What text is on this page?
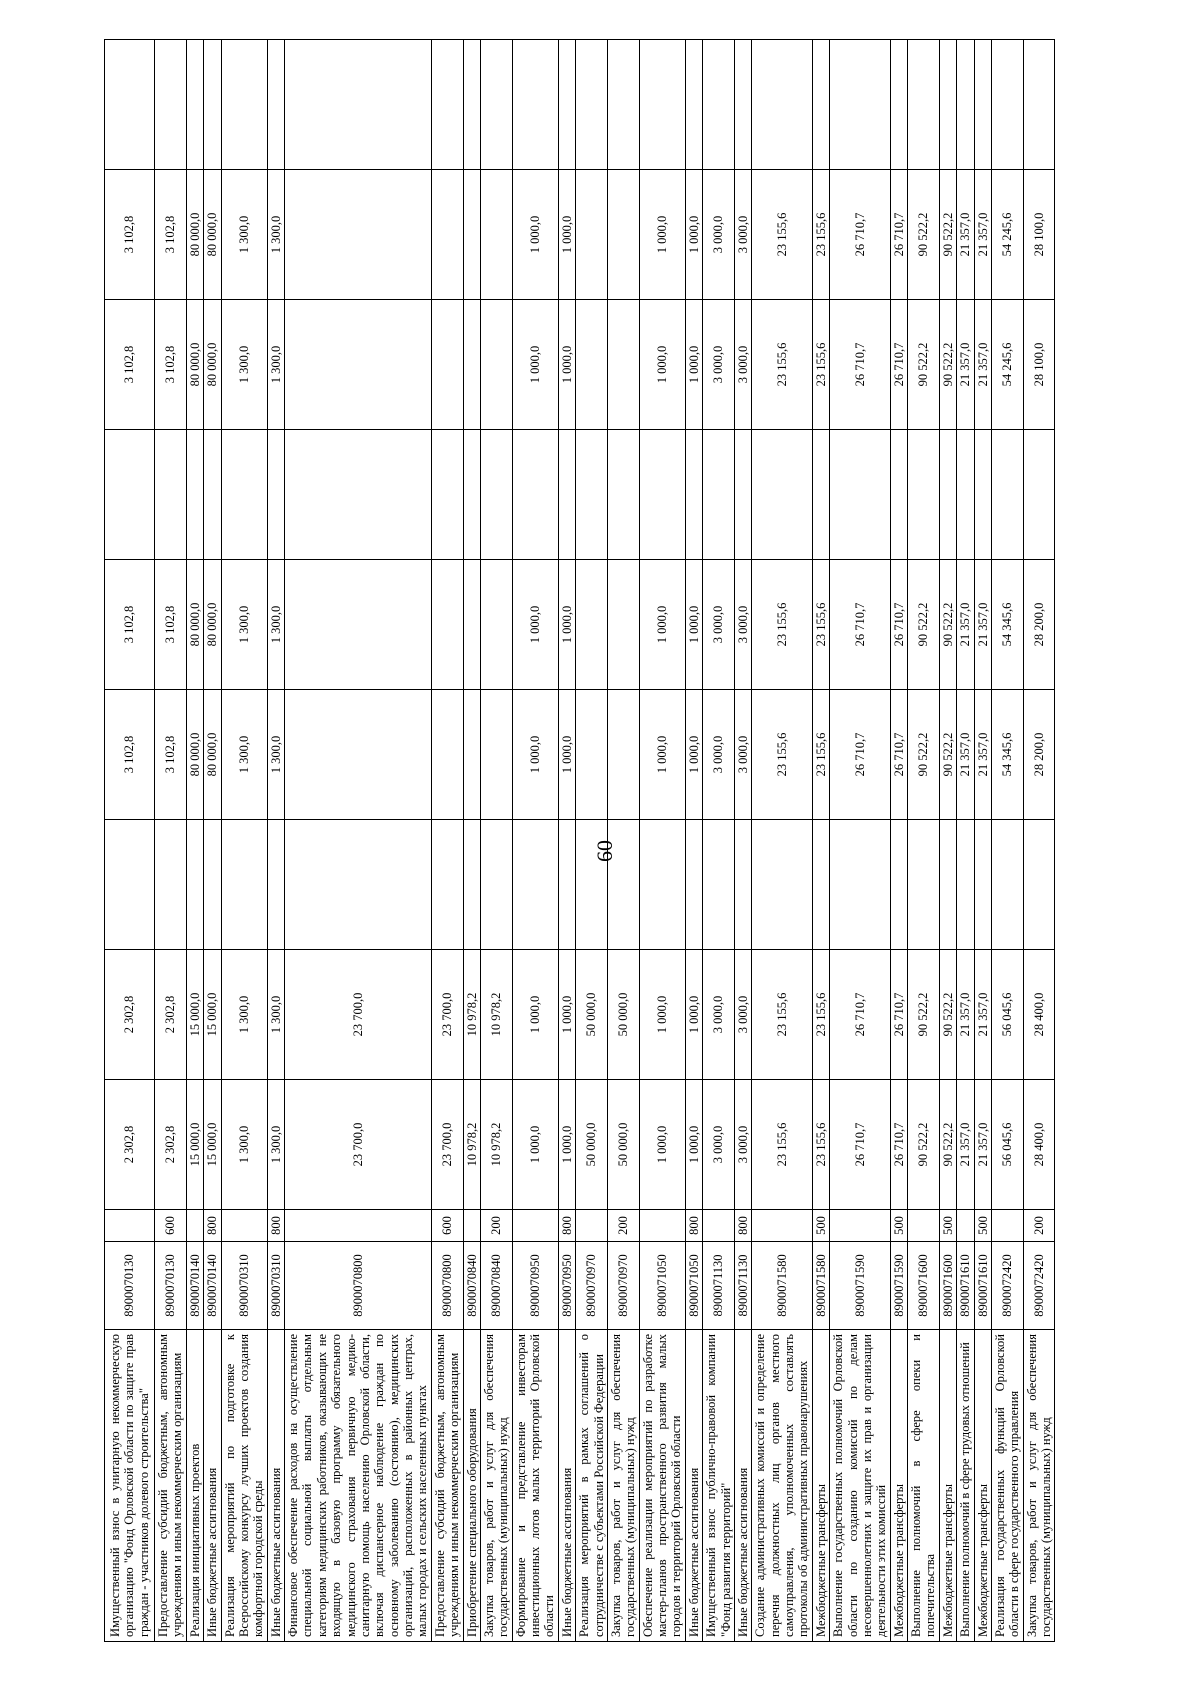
60
Имущественный взнос в унитарную некоммерческую организацию "Фонд Орловской области по защите прав граждан - участников долевого строительства"	8900070130		2 302,8	2 302,8		3 102,8	3 102,8		3 102,8	3 102,8	
Предоставление субсидий бюджетным, автономным учреждениям и иным некоммерческим организациям	8900070130	600	2 302,8	2 302,8		3 102,8	3 102,8		3 102,8	3 102,8	
Реализация инициативных проектов	8900070140		15 000,0	15 000,0		80 000,0	80 000,0		80 000,0	80 000,0	
Иные бюджетные ассигнования	8900070140	800	15 000,0	15 000,0		80 000,0	80 000,0		80 000,0	80 000,0	
Реализация мероприятий по подготовке к Всероссийскому конкурсу лучших проектов создания комфортной городской среды	8900070310		1 300,0	1 300,0		1 300,0	1 300,0		1 300,0	1 300,0	
Иные бюджетные ассигнования	8900070310	800	1 300,0	1 300,0		1 300,0	1 300,0		1 300,0	1 300,0	
Финансовое обеспечение расходов на осуществление специальной социальной выплаты отдельным категориям медицинских работников, оказывающих не входящую в базовую программу обязательного медицинского страхования первичную медико-санитарную помощь населению Орловской области, включая диспансерное наблюдение граждан по основному заболеванию (состоянию), медицинских организаций, расположенных в районных центрах, малых городах и сельских населенных пунктах	8900070800		23 700,0	23 700,0							
Предоставление субсидий бюджетным, автономным учреждениям и иным некоммерческим организациям	8900070800	600	23 700,0	23 700,0							
Приобретение специального оборудования	8900070840		10 978,2	10 978,2							
Закупка товаров, работ и услуг для обеспечения государственных (муниципальных) нужд	8900070840	200	10 978,2	10 978,2							
Формирование и представление инвесторам инвестиционных лотов малых территорий Орловской области	8900070950		1 000,0	1 000,0		1 000,0	1 000,0		1 000,0	1 000,0	
Иные бюджетные ассигнования	8900070950	800	1 000,0	1 000,0		1 000,0	1 000,0		1 000,0	1 000,0	
Реализация мероприятий в рамках соглашений о сотрудничестве с субъектами Российской Федерации	8900070970		50 000,0	50 000,0							
Закупка товаров, работ и услуг для обеспечения государственных (муниципальных) нужд	8900070970	200	50 000,0	50 000,0							
Обеспечение реализации мероприятий по разработке мастер-планов пространственного развития малых городов и территорий Орловской области	8900071050		1 000,0	1 000,0		1 000,0	1 000,0		1 000,0	1 000,0	
Иные бюджетные ассигнования	8900071050	800	1 000,0	1 000,0		1 000,0	1 000,0		1 000,0	1 000,0	
Имущественный взнос публично-правовой компании "Фонд развития территорий"	8900071130		3 000,0	3 000,0		3 000,0	3 000,0		3 000,0	3 000,0	
Иные бюджетные ассигнования	8900071130	800	3 000,0	3 000,0		3 000,0	3 000,0		3 000,0	3 000,0	
Создание административных комиссий и определение перечня должностных лиц органов местного самоуправления, уполномоченных составлять протоколы об административных правонарушениях	8900071580		23 155,6	23 155,6		23 155,6	23 155,6		23 155,6	23 155,6	
Межбюджетные трансферты	8900071580	500	23 155,6	23 155,6		23 155,6	23 155,6		23 155,6	23 155,6	
Выполнение государственных полномочий Орловской области по созданию комиссий по делам несовершеннолетних и защите их прав и организации деятельности этих комиссий	8900071590		26 710,7	26 710,7		26 710,7	26 710,7		26 710,7	26 710,7	
Межбюджетные трансферты	8900071590	500	26 710,7	26 710,7		26 710,7	26 710,7		26 710,7	26 710,7	
Выполнение полномочий в сфере опеки и попечительства	8900071600		90 522,2	90 522,2		90 522,2	90 522,2		90 522,2	90 522,2	
Межбюджетные трансферты	8900071600	500	90 522,2	90 522,2		90 522,2	90 522,2		90 522,2	90 522,2	
Выполнение полномочий в сфере трудовых отношений	8900071610		21 357,0	21 357,0		21 357,0	21 357,0		21 357,0	21 357,0	
Межбюджетные трансферты	8900071610	500	21 357,0	21 357,0		21 357,0	21 357,0		21 357,0	21 357,0	
Реализация государственных функций Орловской области в сфере государственного управления	8900072420		56 045,6	56 045,6		54 345,6	54 345,6		54 245,6	54 245,6	
Закупка товаров, работ и услуг для обеспечения государственных (муниципальных) нужд	8900072420	200	28 400,0	28 400,0		28 200,0	28 200,0		28 100,0	28 100,0	
